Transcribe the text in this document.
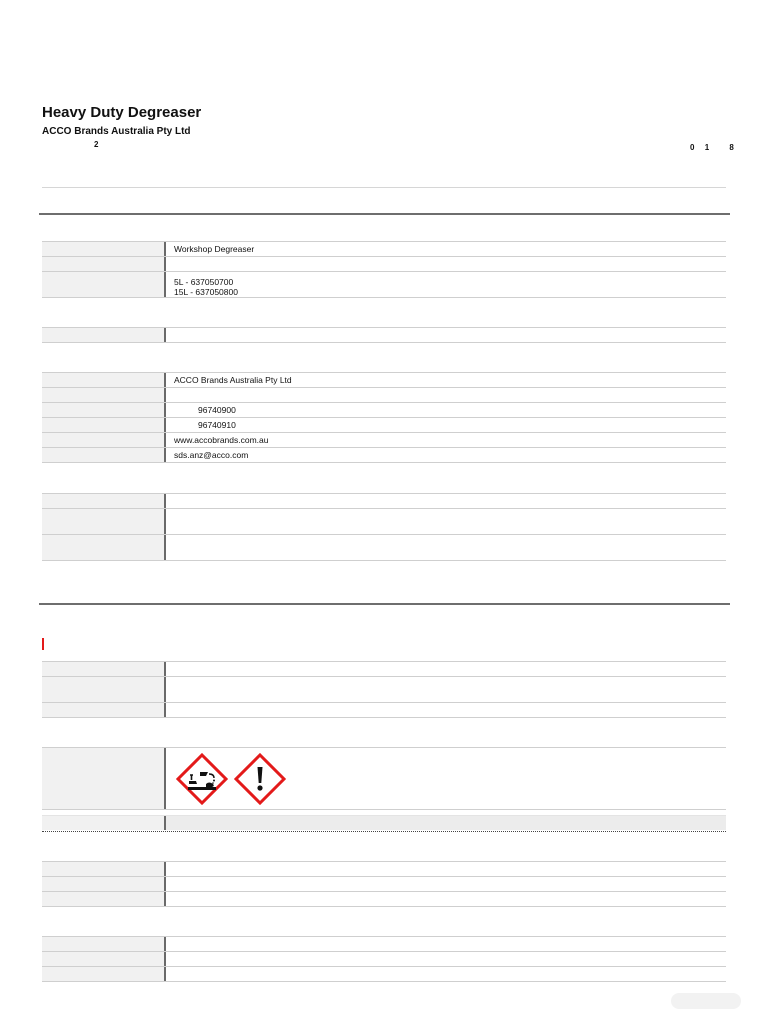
Heavy Duty Degreaser
ACCO Brands Australia Pty Ltd
2	0 1	8
Workshop Degreaser
5L - 637050700
15L - 637050800
ACCO Brands Australia Pty Ltd
96740900
96740910
www.accobrands.com.au
sds.anz@acco.com
